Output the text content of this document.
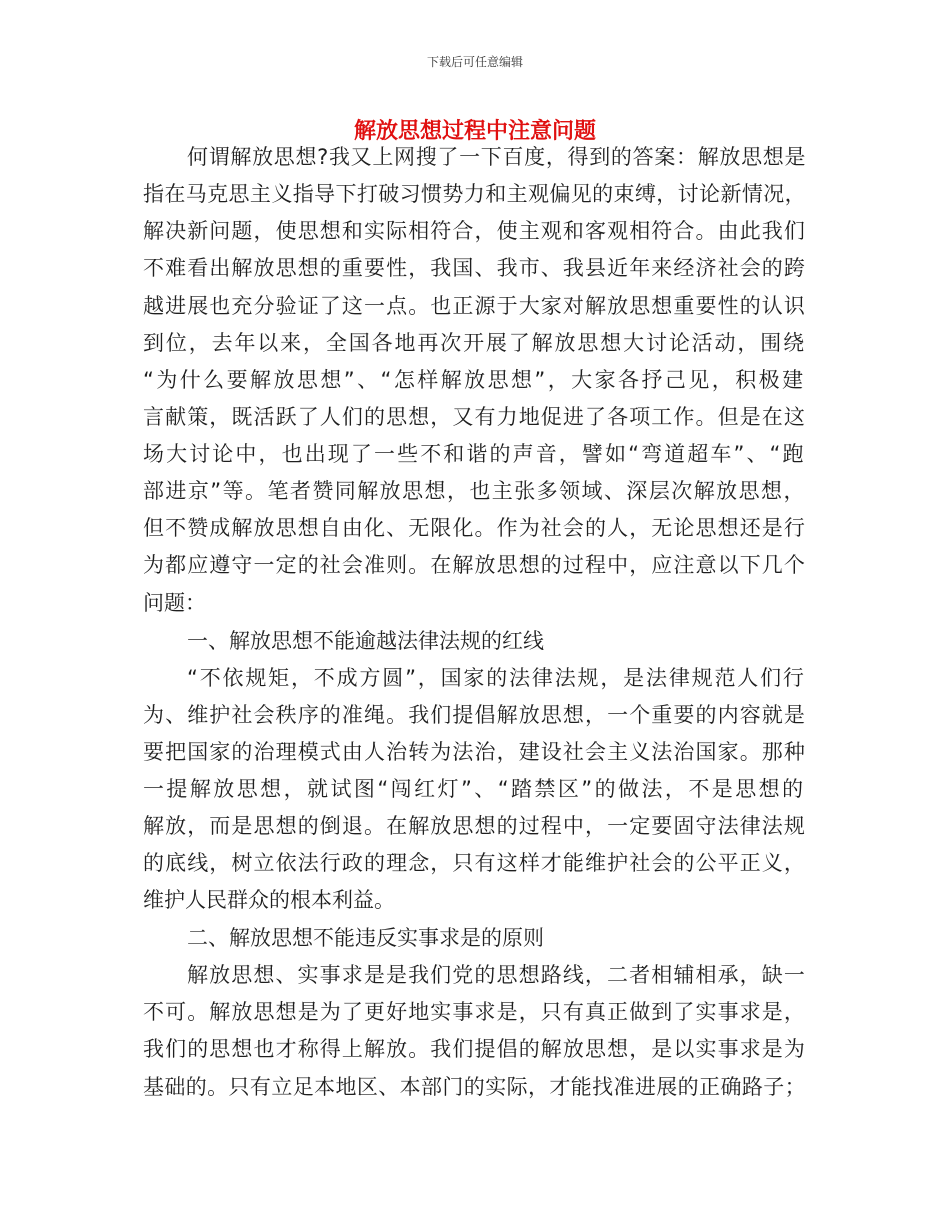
下载后可任意编辑
解放思想过程中注意问题
何谓解放思想?我又上网搜了一下百度，得到的答案：解放思想是
指在马克思主义指导下打破习惯势力和主观偏见的束缚，讨论新情况，
解决新问题，使思想和实际相符合，使主观和客观相符合。由此我们
不难看出解放思想的重要性，我国、我市、我县近年来经济社会的跨
越进展也充分验证了这一点。也正源于大家对解放思想重要性的认识
到位，去年以来，全国各地再次开展了解放思想大讨论活动，围绕
“为什么要解放思想”、“怎样解放思想”，大家各抒己见，积极建
言献策，既活跃了人们的思想，又有力地促进了各项工作。但是在这
场大讨论中，也出现了一些不和谐的声音，譬如“弯道超车”、“跑
部进京”等。笔者赞同解放思想，也主张多领域、深层次解放思想，
但不赞成解放思想自由化、无限化。作为社会的人，无论思想还是行
为都应遵守一定的社会准则。在解放思想的过程中，应注意以下几个
问题：
一、解放思想不能逾越法律法规的红线
“不依规矩，不成方圆”，国家的法律法规，是法律规范人们行
为、维护社会秩序的准绳。我们提倡解放思想，一个重要的内容就是
要把国家的治理模式由人治转为法治，建设社会主义法治国家。那种
一提解放思想，就试图“闯红灯”、“踏禁区”的做法，不是思想的
解放，而是思想的倒退。在解放思想的过程中，一定要固守法律法规
的底线，树立依法行政的理念，只有这样才能维护社会的公平正义，
维护人民群众的根本利益。
二、解放思想不能违反实事求是的原则
解放思想、实事求是是我们党的思想路线，二者相辅相承，缺一
不可。解放思想是为了更好地实事求是，只有真正做到了实事求是，
我们的思想也才称得上解放。我们提倡的解放思想，是以实事求是为
基础的。只有立足本地区、本部门的实际，才能找准进展的正确路子；
